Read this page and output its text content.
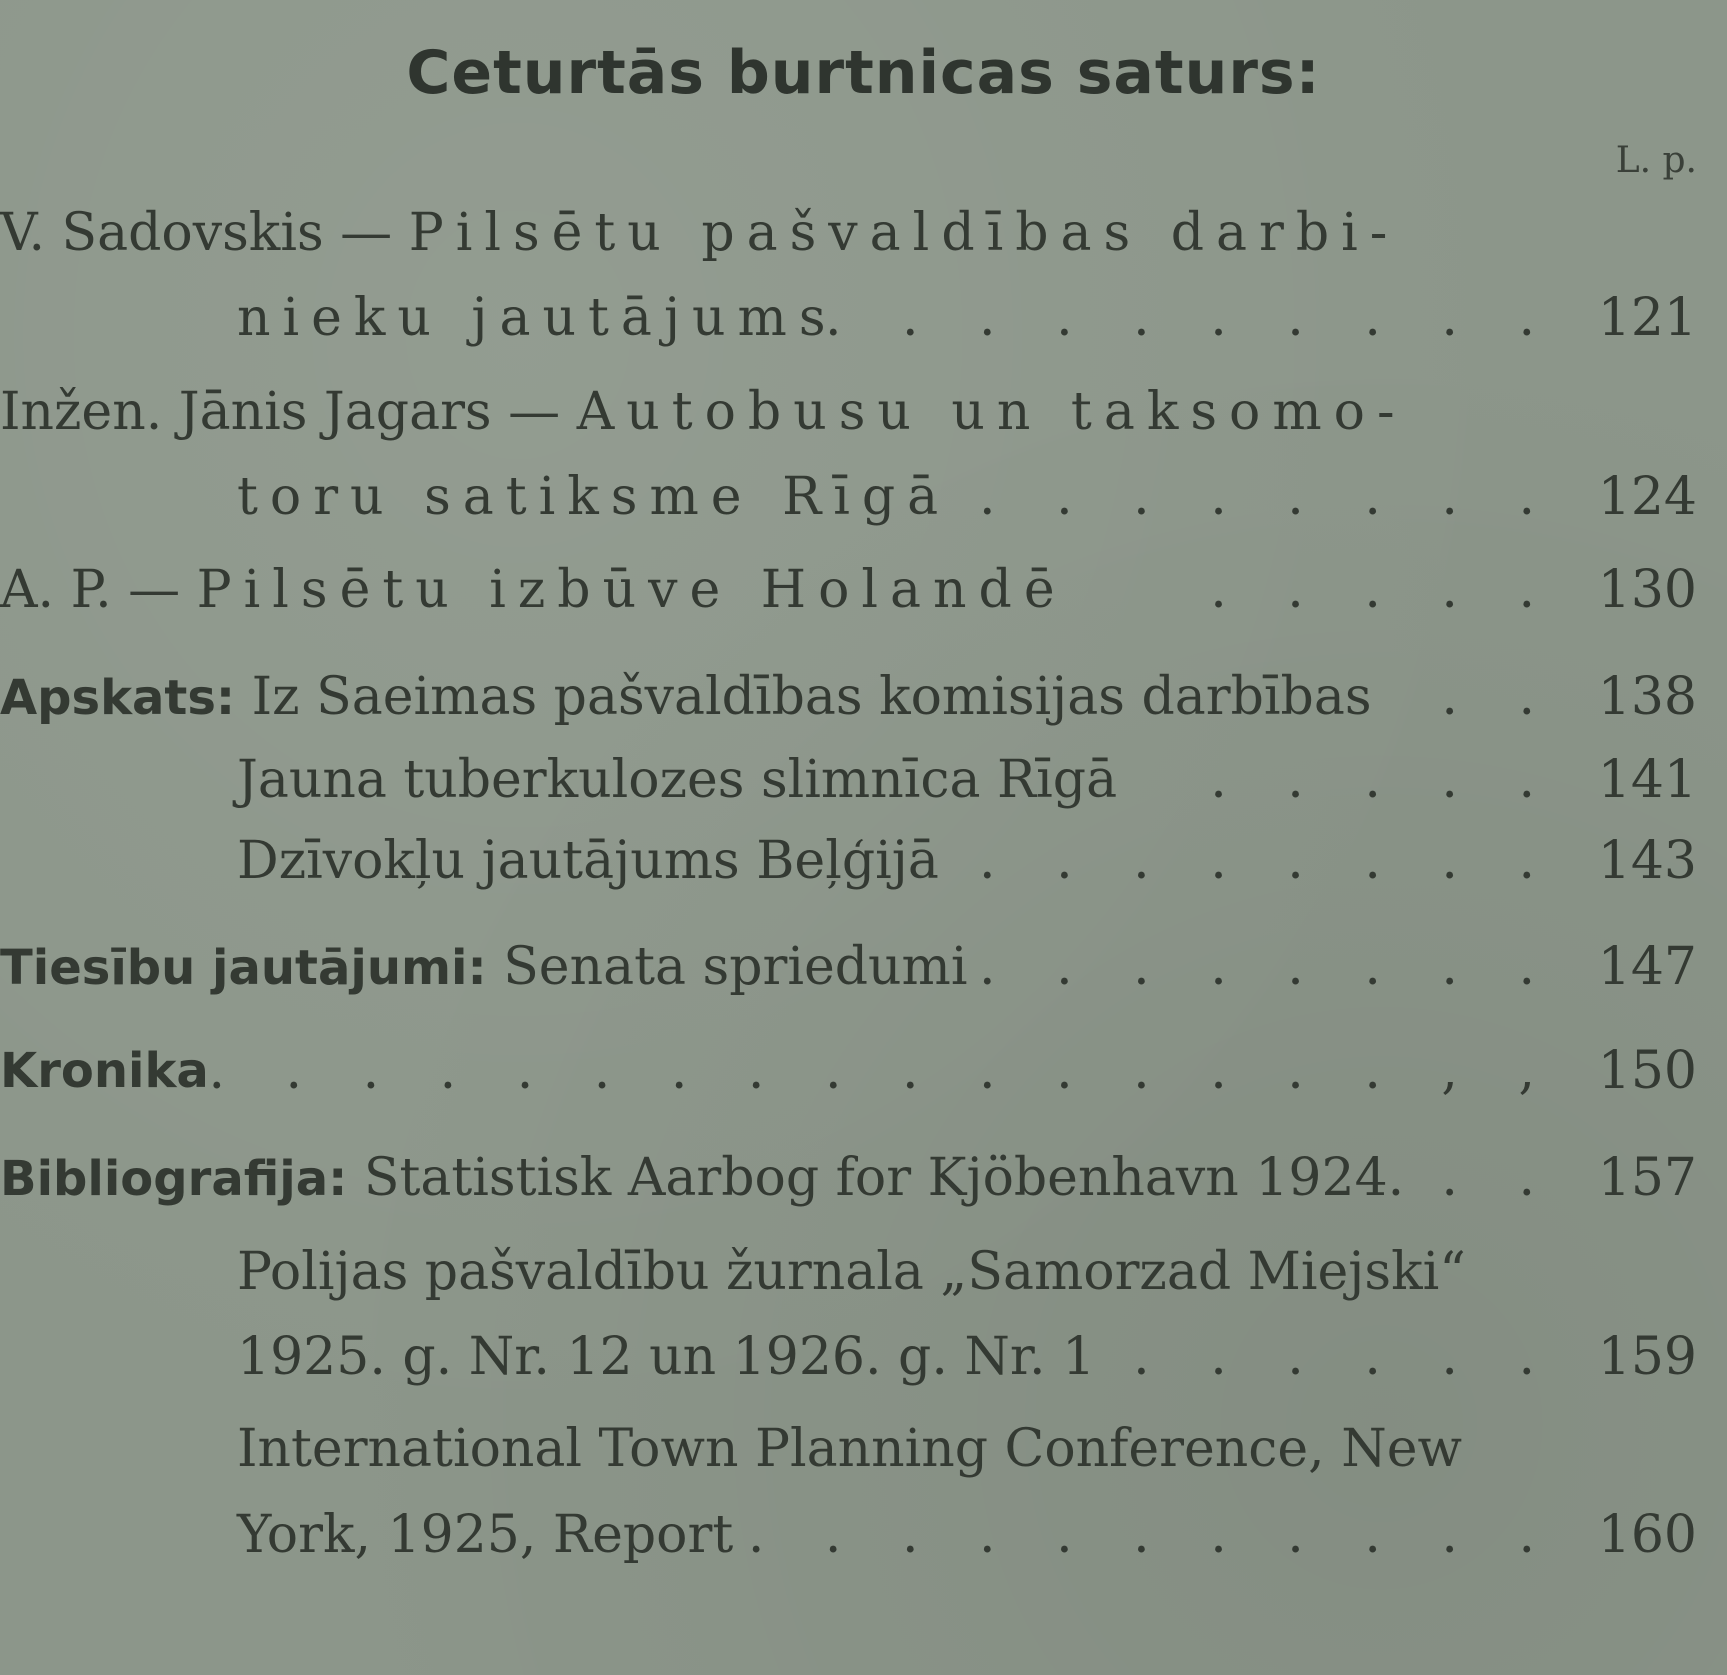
Ceturtās burtnicas saturs:
L. p.
V. Sadovskis — Pilsētu pašvaldības darbi-
nieku jautājums
. . . . . . . . . . 121
Inžen. Jānis Jagars — Autobusu un taksomo-
toru satiksme Rīgā . . . . . . . . 124
A. P. — Pilsētu izbūve Holandē	. . . . . 130
Apskats: Iz Saeimas pašvaldības komisijas darbības . . 138
Jauna tuberkulozes slimnīca Rīgā . . . . . 141
Dzīvokļu jautājums Beļģijā . . . . . . . . 143
Tiesību jautājumi: Senata spriedumi . . . . . . . . 147
Kronika . . . . . . . . . . . . . . . . , , 150
Bibliografija: Statistisk Aarbog for Kjöbenhavn 1924. . . 157
Polijas pašvaldību žurnala „Samorzad Miejski“
1925. g. Nr. 12 un 1926. g. Nr. 1 . . . . . . 159
International Town Planning Conference, New
York, 1925, Report . . . . . . . . . . . 160
